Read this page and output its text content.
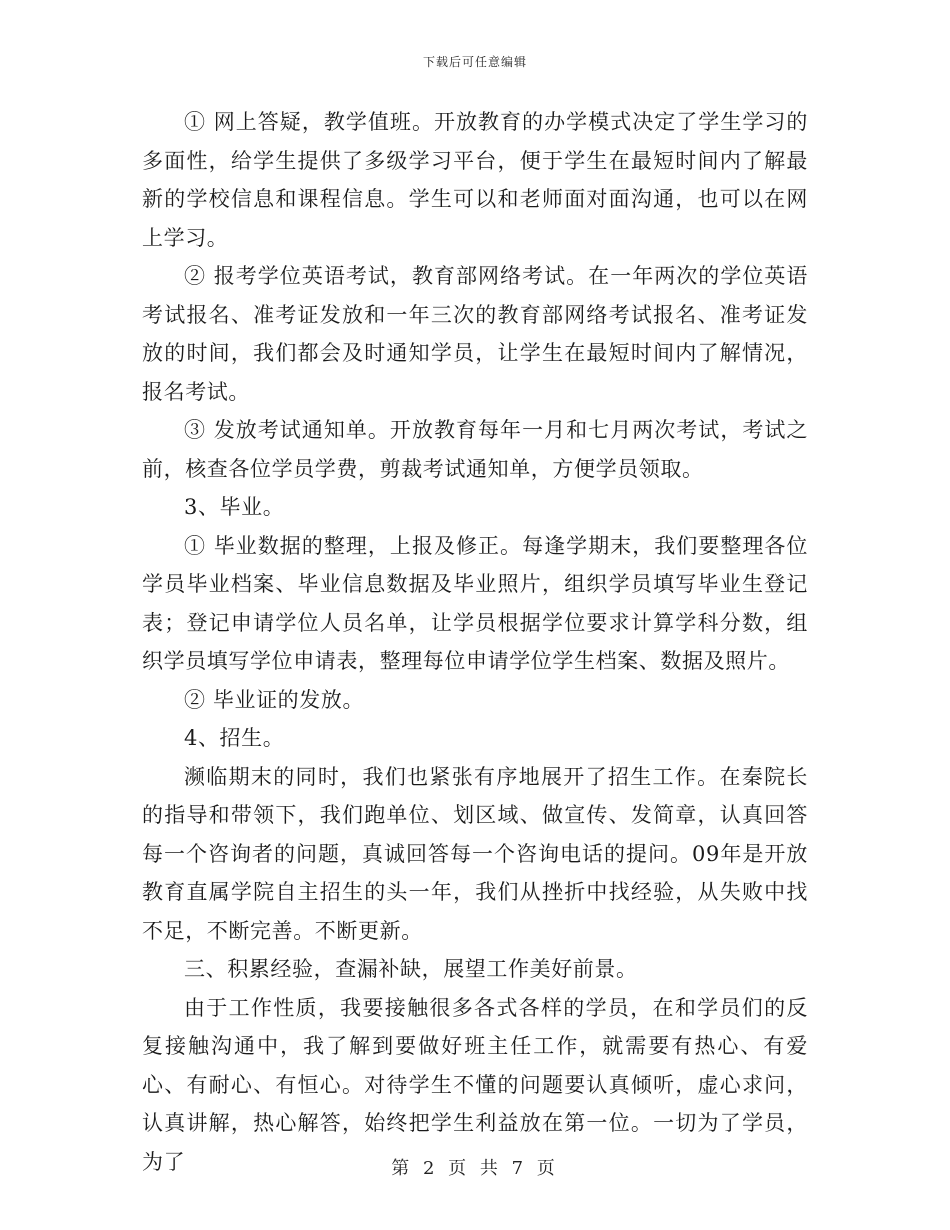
下载后可任意编辑

① 网上答疑，教学值班。开放教育的办学模式决定了学生学习的多面性，给学生提供了多级学习平台，便于学生在最短时间内了解最新的学校信息和课程信息。学生可以和老师面对面沟通，也可以在网上学习。

② 报考学位英语考试，教育部网络考试。在一年两次的学位英语考试报名、准考证发放和一年三次的教育部网络考试报名、准考证发放的时间，我们都会及时通知学员，让学生在最短时间内了解情况，报名考试。

③ 发放考试通知单。开放教育每年一月和七月两次考试，考试之前，核查各位学员学费，剪裁考试通知单，方便学员领取。

3、毕业。

① 毕业数据的整理，上报及修正。每逢学期末，我们要整理各位学员毕业档案、毕业信息数据及毕业照片，组织学员填写毕业生登记表；登记申请学位人员名单，让学员根据学位要求计算学科分数，组织学员填写学位申请表，整理每位申请学位学生档案、数据及照片。

② 毕业证的发放。

4、招生。

濒临期末的同时，我们也紧张有序地展开了招生工作。在秦院长的指导和带领下，我们跑单位、划区域、做宣传、发简章，认真回答每一个咨询者的问题，真诚回答每一个咨询电话的提问。09年是开放教育直属学院自主招生的头一年，我们从挫折中找经验，从失败中找不足，不断完善。不断更新。

三、积累经验，查漏补缺，展望工作美好前景。

由于工作性质，我要接触很多各式各样的学员，在和学员们的反复接触沟通中，我了解到要做好班主任工作，就需要有热心、有爱心、有耐心、有恒心。对待学生不懂的问题要认真倾听，虚心求问，认真讲解，热心解答，始终把学生利益放在第一位。一切为了学员，为了	第 2 页 共 7 页
